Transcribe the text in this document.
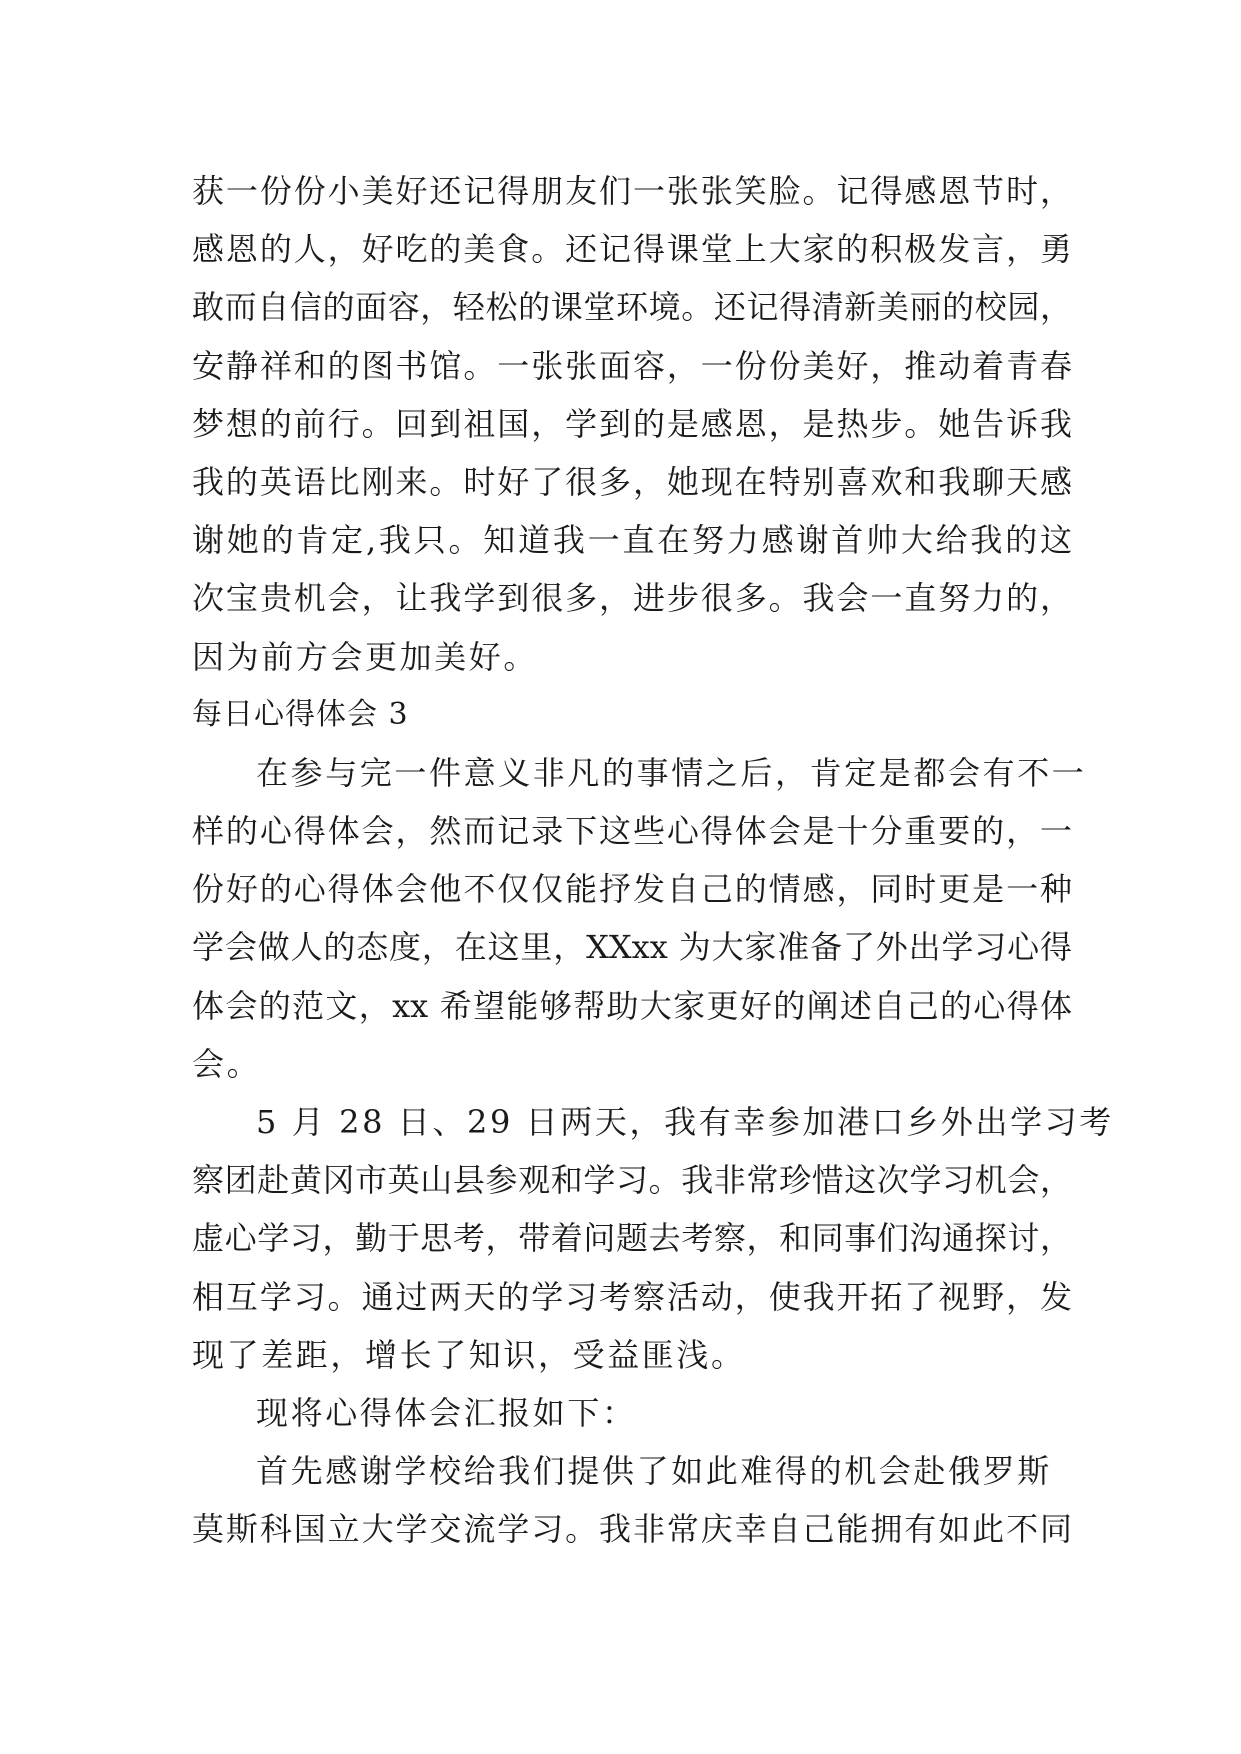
获一份份小美好还记得朋友们一张张笑脸。记得感恩节时，
感恩的人，好吃的美食。还记得课堂上大家的积极发言，勇
敢而自信的面容，轻松的课堂环境。还记得清新美丽的校园，
安静祥和的图书馆。一张张面容，一份份美好，推动着青春
梦想的前行。回到祖国，学到的是感恩，是热步。她告诉我
我的英语比刚来。时好了很多，她现在特别喜欢和我聊天感
谢她的肯定,我只。知道我一直在努力感谢首帅大给我的这
次宝贵机会，让我学到很多，进步很多。我会一直努力的，
因为前方会更加美好。
每日心得体会 3
在参与完一件意义非凡的事情之后，肯定是都会有不一
样的心得体会，然而记录下这些心得体会是十分重要的，一
份好的心得体会他不仅仅能抒发自己的情感，同时更是一种
学会做人的态度，在这里，XXxx 为大家准备了外出学习心得
体会的范文，xx 希望能够帮助大家更好的阐述自己的心得体
会。
5 月 28 日、29 日两天，我有幸参加港口乡外出学习考
察团赴黄冈市英山县参观和学习。我非常珍惜这次学习机会，
虚心学习，勤于思考，带着问题去考察，和同事们沟通探讨，
相互学习。通过两天的学习考察活动，使我开拓了视野，发
现了差距，增长了知识，受益匪浅。
现将心得体会汇报如下：
首先感谢学校给我们提供了如此难得的机会赴俄罗斯
莫斯科国立大学交流学习。我非常庆幸自己能拥有如此不同
